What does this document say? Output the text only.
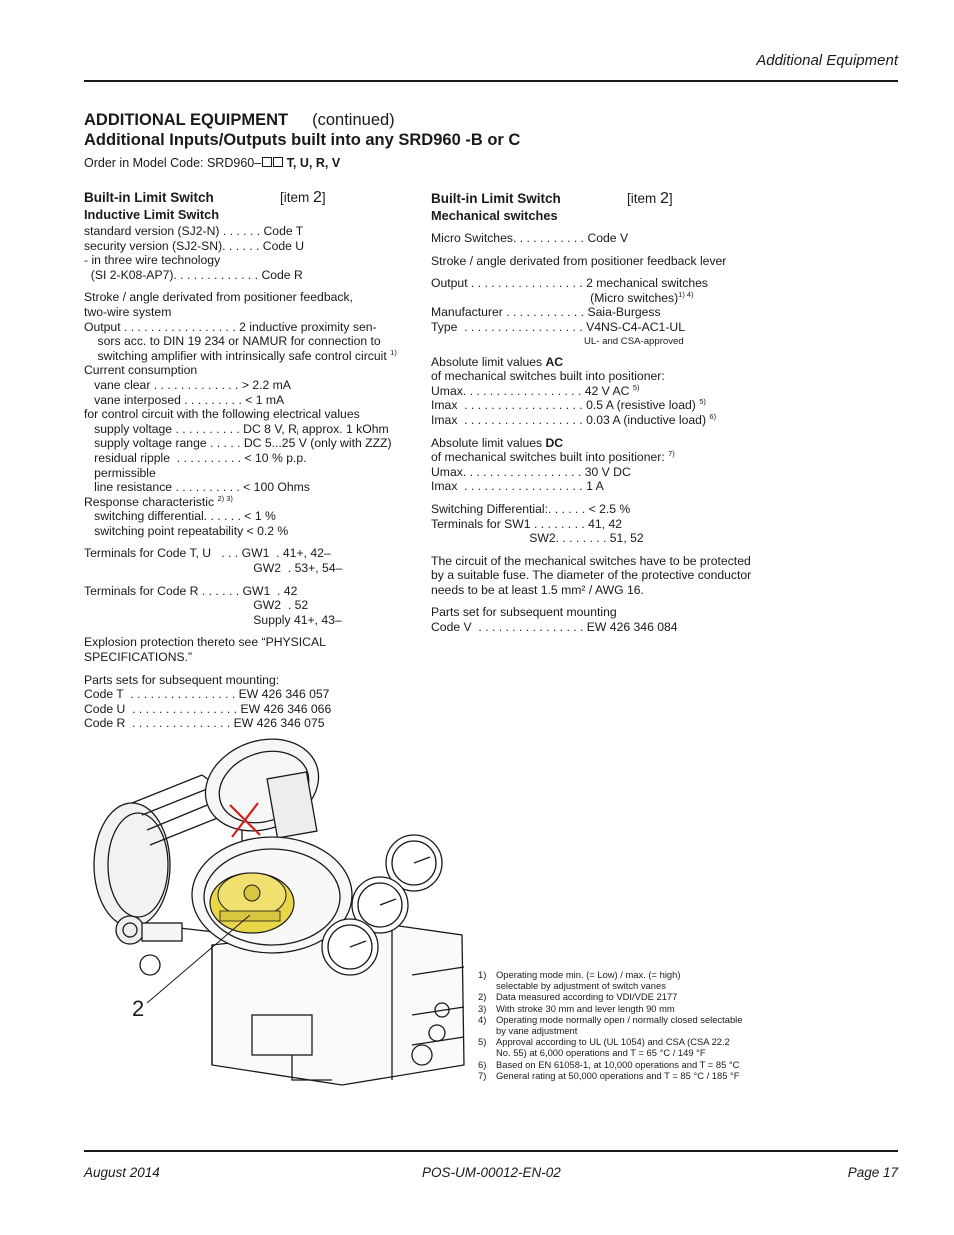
Additional Equipment
ADDITIONAL EQUIPMENT (continued)
Additional Inputs/Outputs built into any SRD960 -B or C
Order in Model Code: SRD960– T, U, R, V
Built-in Limit Switch	[item 2]
Inductive Limit Switch
standard version (SJ2-N) . . . . . . Code T
security version (SJ2-SN). . . . . . Code U
- in three wire technology
(SI 2-K08-AP7). . . . . . . . . . . . . Code R
Stroke / angle derivated from positioner feedback,
two-wire system
Output . . . . . . . . . . . . . . . . . 2 inductive proximity sen-
sors acc. to DIN 19 234 or NAMUR for connection to
switching amplifier with intrinsically safe control circuit $^{1)}$
Current consumption
vane clear . . . . . . . . . . . . . > 2.2 mA
vane interposed . . . . . . . . . < 1 mA
for control circuit with the following electrical values
supply voltage . . . . . . . . . . DC 8 V, $R_i$ approx. 1 kOhm
supply voltage range . . . . . DC 5...25 V (only with ZZZ)
residual ripple  . . . . . . . . . . < 10 % p.p.
permissible
line resistance . . . . . . . . . . < 100 Ohms
Response characteristic $^{2) 3)}$
switching differential. . . . . . < 1 %
switching point repeatability < 0.2 %
Terminals for Code T, U   . . . GW1  . 41+, 42–
GW2  . 53+, 54–
Terminals for Code R . . . . . . GW1  . 42
GW2  . 52
Supply 41+, 43–
Explosion protection thereto see “PHYSICAL
SPECIFICATIONS.”
Parts sets for subsequent mounting:
Code T  . . . . . . . . . . . . . . . . EW 426 346 057
Code U  . . . . . . . . . . . . . . . . EW 426 346 066
Code R  . . . . . . . . . . . . . . . EW 426 346 075
Built-in Limit Switch	[item 2]
Mechanical switches
Micro Switches. . . . . . . . . . . Code V
Stroke / angle derivated from positioner feedback lever
Output . . . . . . . . . . . . . . . . . 2 mechanical switches
(Micro switches)$^{1) 4)}$
Manufacturer . . . . . . . . . . . . Saia-Burgess
Type  . . . . . . . . . . . . . . . . . . V4NS-C4-AC1-UL
UL- and CSA-approved
Absolute limit values AC
of mechanical switches built into positioner:
Umax. . . . . . . . . . . . . . . . . . 42 V AC $^{5)}$
Imax  . . . . . . . . . . . . . . . . . . 0.5 A (resistive load) $^{5)}$
Imax  . . . . . . . . . . . . . . . . . . 0.03 A (inductive load) $^{6)}$
Absolute limit values DC
of mechanical switches built into positioner: $^{7)}$
Umax. . . . . . . . . . . . . . . . . . 30 V DC
Imax  . . . . . . . . . . . . . . . . . . 1 A
Switching Differential:. . . . . . < 2.5 %
Terminals for SW1 . . . . . . . . 41, 42
SW2. . . . . . . . 51, 52
The circuit of the mechanical switches have to be protected
by a suitable fuse. The diameter of the protective conductor
needs to be at least 1.5 mm² / AWG 16.
Parts set for subsequent mounting
Code V  . . . . . . . . . . . . . . . . EW 426 346 084
2
1)	Operating mode min. (= Low) / max. (= high)
selectable by adjustment of switch vanes
2)	Data measured according to VDI/VDE 2177
3)	With stroke 30 mm and lever length 90 mm
4)	Operating mode normally open / normally closed selectable
by vane adjustment
5)	Approval according to UL (UL 1054) and CSA (CSA 22.2
No. 55) at 6,000 operations and T = 65 °C / 149 °F
6)	Based on EN 61058-1, at 10,000 operations and T = 85 °C
7)	General rating at 50,000 operations and T = 85 °C / 185 °F
August 2014	POS-UM-00012-EN-02	Page 17
